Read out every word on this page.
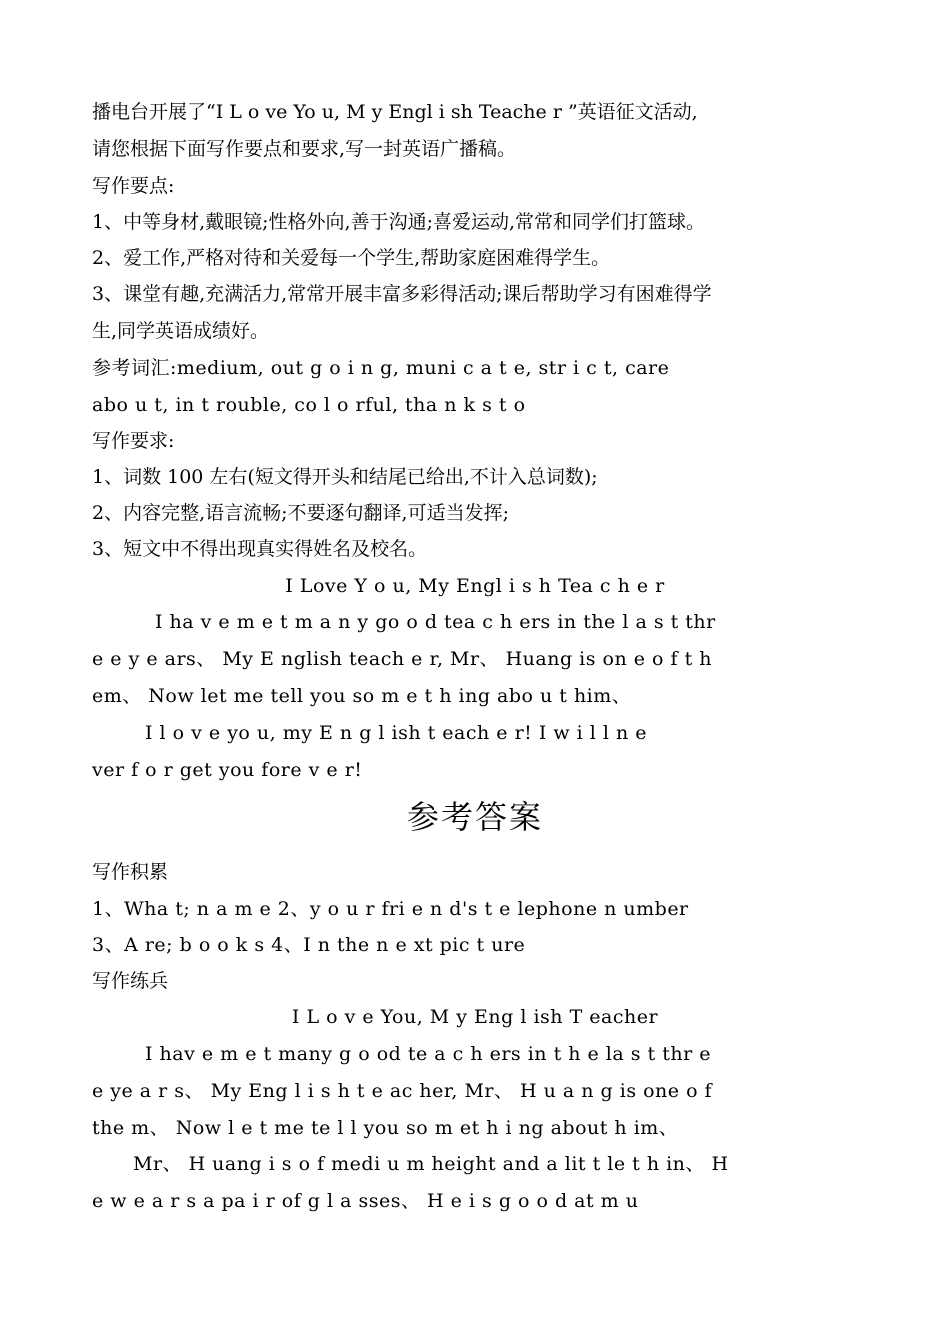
播电台开展了“I L o ve Yo u, M y Engl i sh Teache r ”英语征文活动,
请您根据下面写作要点和要求,写一封英语广播稿。
写作要点:
1、中等身材,戴眼镜;性格外向,善于沟通;喜爱运动,常常和同学们打篮球。
2、爱工作,严格对待和关爱每一个学生,帮助家庭困难得学生。
3、课堂有趣,充满活力,常常开展丰富多彩得活动;课后帮助学习有困难得学
生,同学英语成绩好。
参考词汇:medium, out g o i n g, muni c a t e, str i c t, care
abo u t, in t rouble, co l o rful, tha n k s t o
写作要求:
1、词数 100 左右(短文得开头和结尾已给出,不计入总词数);
2、内容完整,语言流畅;不要逐句翻译,可适当发挥;
3、短文中不得出现真实得姓名及校名。
I Love Y o u, My Engl i s h Tea c h e r
I ha v e m e t m a n y go o d tea c h ers in the l a s t thr
e e y e ars、 My E nglish teach e r, Mr、 Huang is on e o f t h
em、 Now let me tell you so m e t h ing abo u t him、
I l o v e yo u, my E n g l ish t each e r! I w i l l n e
ver f o r get you fore v e r!
参考答案
写作积累
1、Wha t; n a m e 2、y o u r fri e n d's t e lephone n umber
3、A re; b o o k s 4、I n the n e xt pic t ure
写作练兵
I L o v e You, M y Eng l ish T eacher
I hav e m e t many g o od te a c h ers in t h e la s t thr e
e ye a r s、 My Eng l i s h t e ac her, Mr、 H u a n g is one o f
the m、 Now l e t me te l l you so m et h i ng about h im、
Mr、 H uang i s o f medi u m height and a lit t le t h in、 H
e w e a r s a pa i r of g l a sses、 H e i s g o o d at m u
